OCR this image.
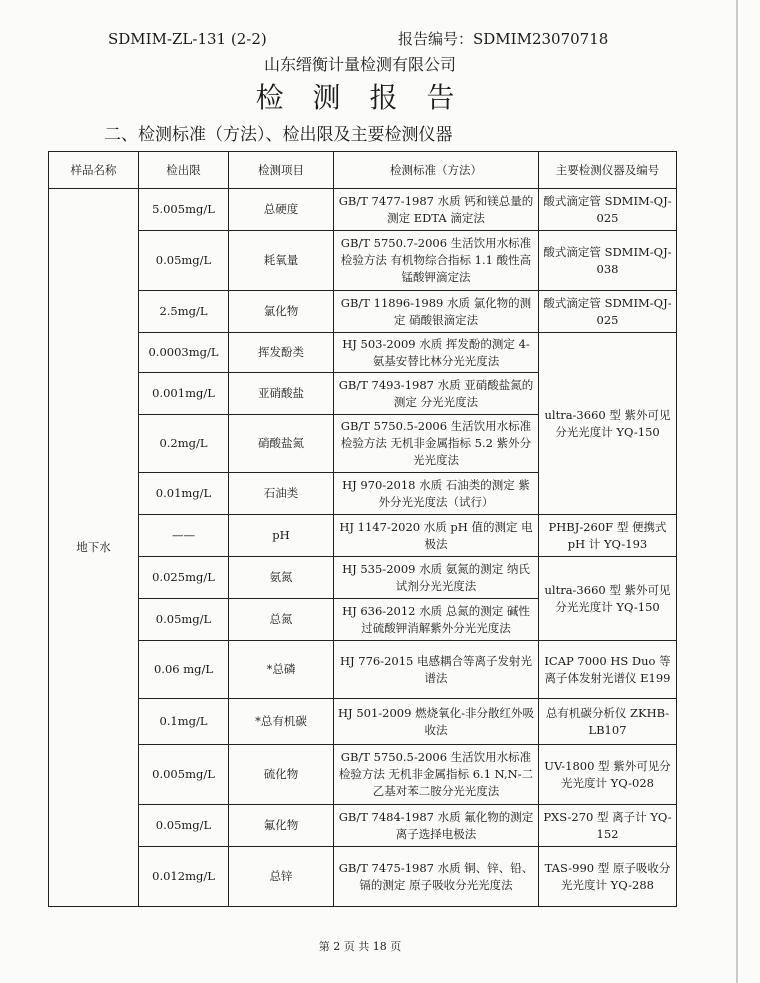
SDMIM-ZL-131 (2-2)	报告编号：SDMIM23070718
山东缙衡计量检测有限公司
检 测 报 告
二、检测标准（方法）、检出限及主要检测仪器
样品名称	检出限	检测项目	检测标准（方法）	主要检测仪器及编号
地下水	5.005mg/L	总硬度	GB/T 7477-1987 水质 钙和镁总量的测定 EDTA 滴定法	酸式滴定管 SDMIM-QJ-025
	0.05mg/L	耗氧量	GB/T 5750.7-2006 生活饮用水标准检验方法 有机物综合指标 1.1 酸性高锰酸钾滴定法	酸式滴定管 SDMIM-QJ-038
	2.5mg/L	氯化物	GB/T 11896-1989 水质 氯化物的测定 硝酸银滴定法	酸式滴定管 SDMIM-QJ-025
	0.0003mg/L	挥发酚类	HJ 503-2009 水质 挥发酚的测定 4-氨基安替比林分光光度法	ultra-3660 型 紫外可见分光光度计 YQ-150
	0.001mg/L	亚硝酸盐	GB/T 7493-1987 水质 亚硝酸盐氮的测定 分光光度法	
	0.2mg/L	硝酸盐氮	GB/T 5750.5-2006 生活饮用水标准检验方法 无机非金属指标 5.2 紫外分光光度法	
	0.01mg/L	石油类	HJ 970-2018 水质 石油类的测定 紫外分光光度法（试行）	
	——	pH	HJ 1147-2020 水质 pH 值的测定 电极法	PHBJ-260F 型 便携式 pH 计 YQ-193
	0.025mg/L	氨氮	HJ 535-2009 水质 氨氮的测定 纳氏试剂分光光度法	ultra-3660 型 紫外可见分光光度计 YQ-150
	0.05mg/L	总氮	HJ 636-2012 水质 总氮的测定 碱性过硫酸钾消解紫外分光光度法	
	0.06 mg/L	*总磷	HJ 776-2015 电感耦合等离子发射光谱法	ICAP 7000 HS Duo 等离子体发射光谱仪 E199
	0.1mg/L	*总有机碳	HJ 501-2009 燃烧氧化-非分散红外吸收法	总有机碳分析仪 ZKHB-LB107
	0.005mg/L	硫化物	GB/T 5750.5-2006 生活饮用水标准检验方法 无机非金属指标 6.1 N,N-二乙基对苯二胺分光光度法	UV-1800 型 紫外可见分光光度计 YQ-028
	0.05mg/L	氟化物	GB/T 7484-1987 水质 氟化物的测定 离子选择电极法	PXS-270 型 离子计 YQ-152
	0.012mg/L	总锌	GB/T 7475-1987 水质 铜、锌、铅、镉的测定 原子吸收分光光度法	TAS-990 型 原子吸收分光光度计 YQ-288
第 2 页 共 18 页
